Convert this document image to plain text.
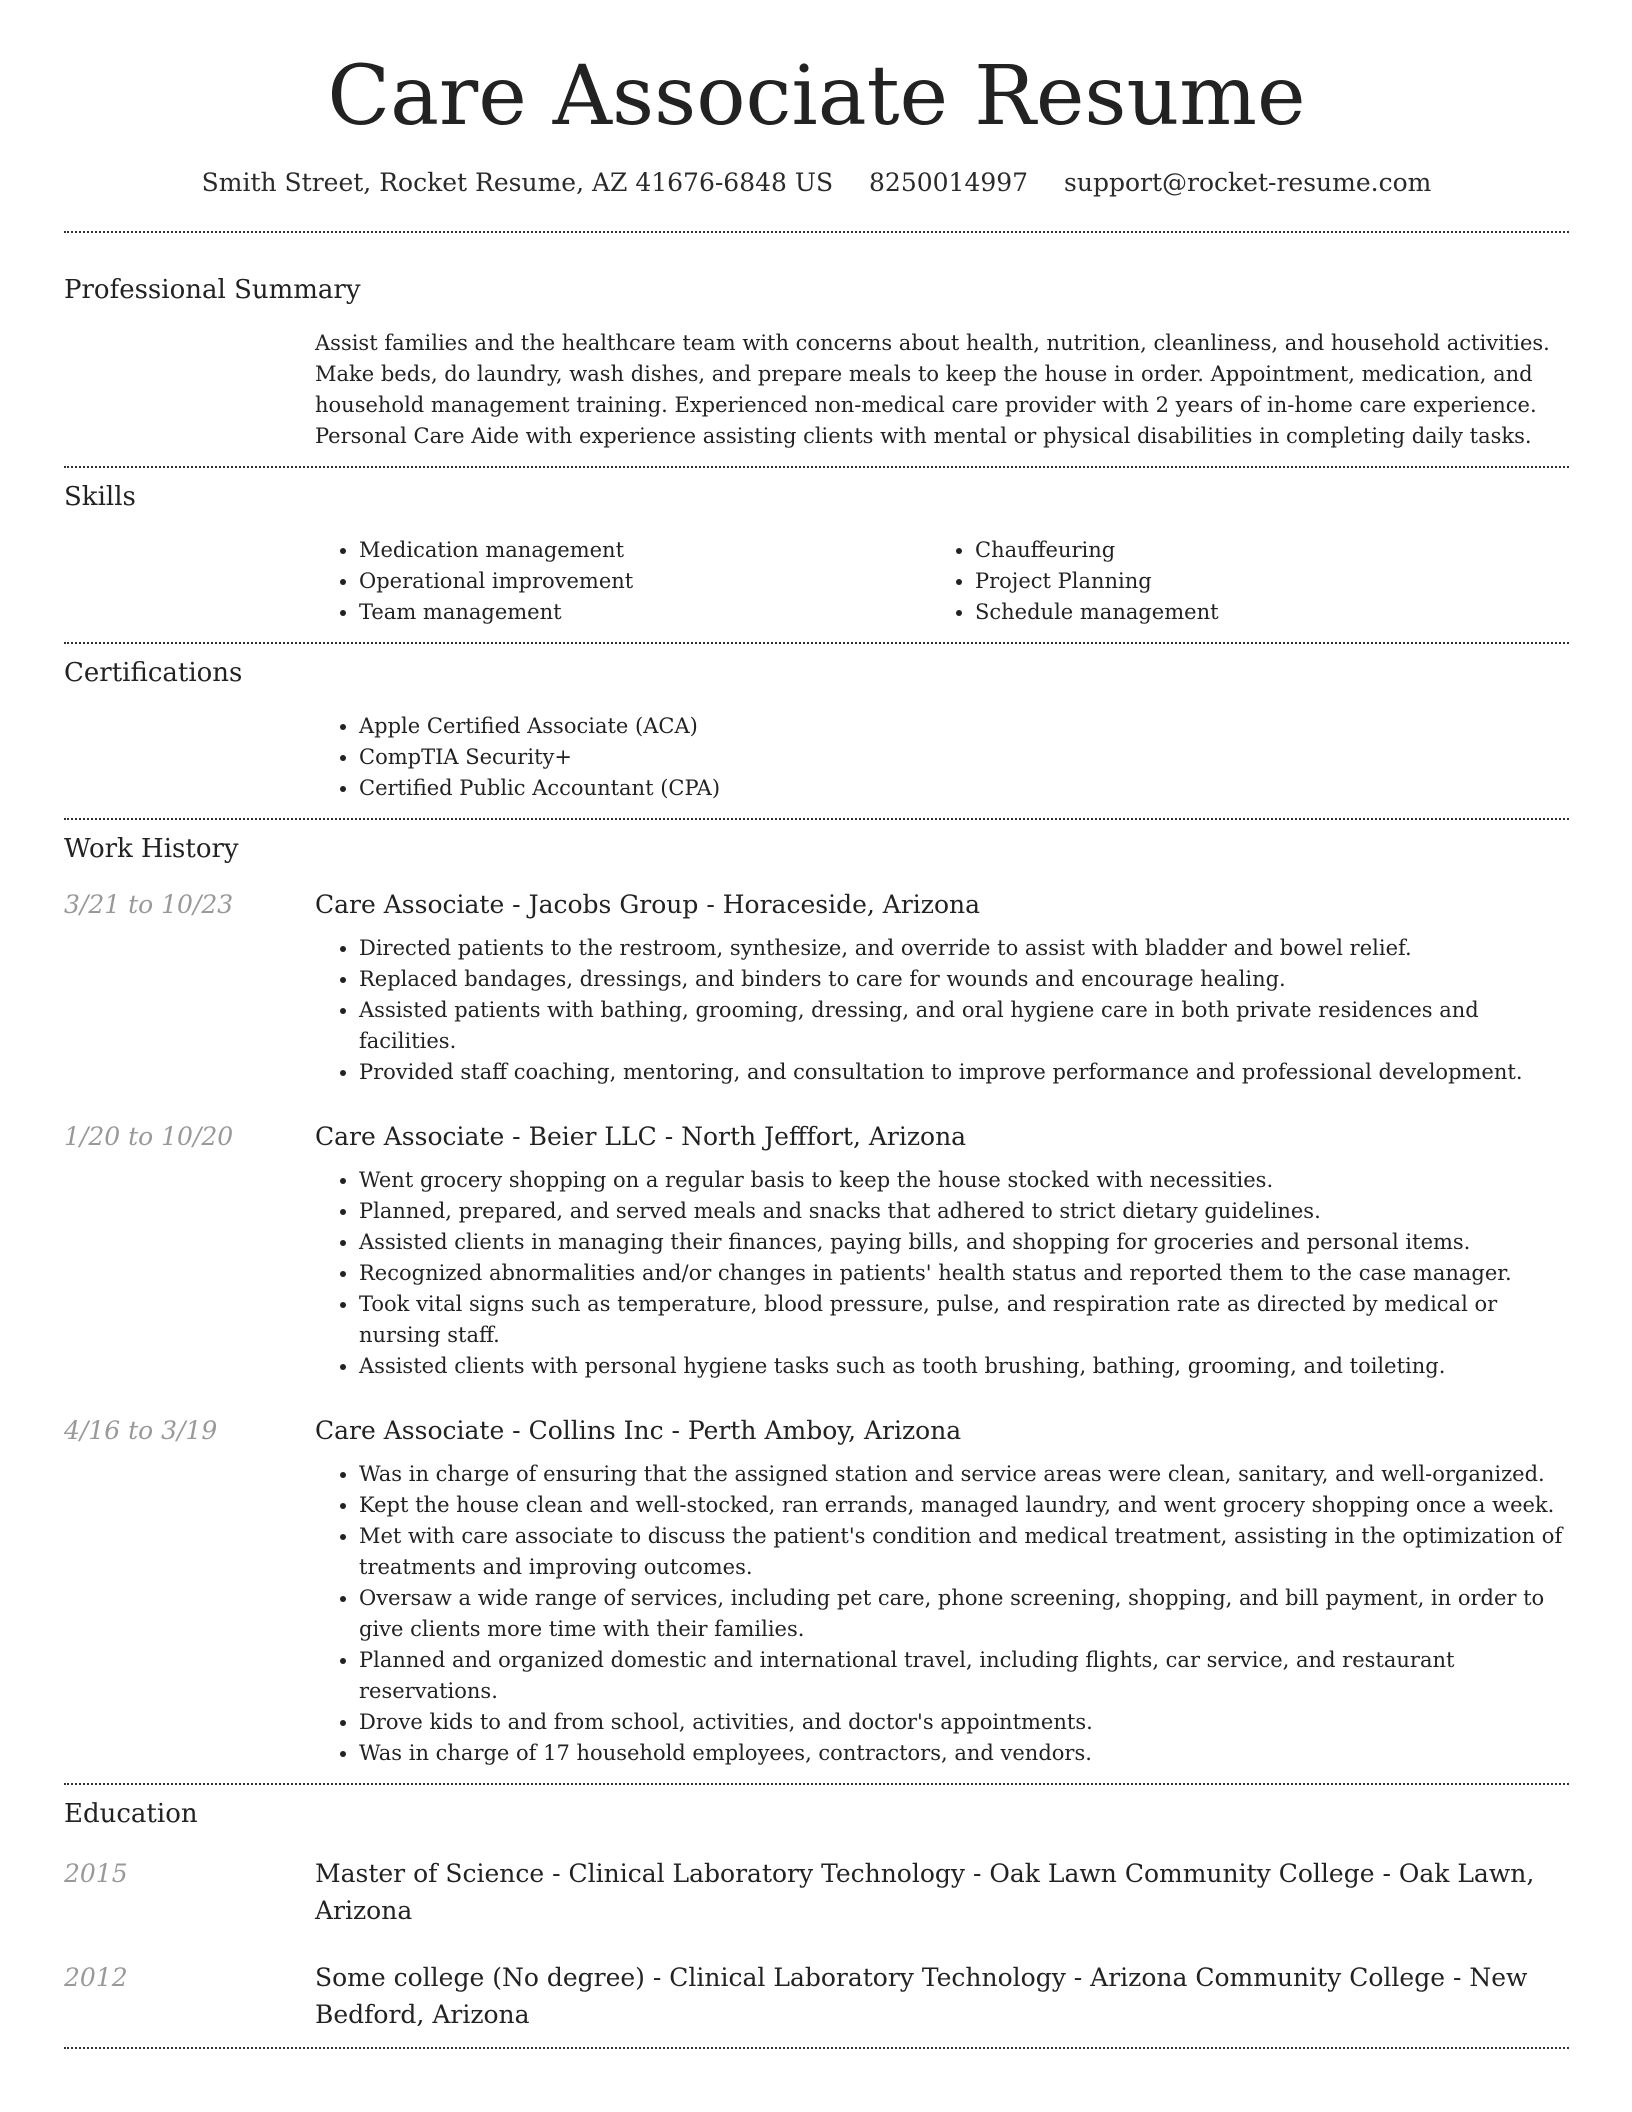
Care Associate Resume
Smith Street, Rocket Resume, AZ 41676-6848 US 8250014997 support@rocket-resume.com
Professional Summary

Assist families and the healthcare team with concerns about health, nutrition, cleanliness, and household activities. Make beds, do laundry, wash dishes, and prepare meals to keep the house in order. Appointment, medication, and household management training. Experienced non-medical care provider with 2 years of in-home care experience. Personal Care Aide with experience assisting clients with mental or physical disabilities in completing daily tasks.

Skills
• Medication management
• Operational improvement
• Team management
• Chauffeuring
• Project Planning
• Schedule management
Certifications
• Apple Certified Associate (ACA)
• CompTIA Security+
• Certified Public Accountant (CPA)
Work History
3/21 to 10/23	Care Associate - Jacobs Group - Horaceside, Arizona
• Directed patients to the restroom, synthesize, and override to assist with bladder and bowel relief.
• Replaced bandages, dressings, and binders to care for wounds and encourage healing.
• Assisted patients with bathing, grooming, dressing, and oral hygiene care in both private residences and facilities.
• Provided staff coaching, mentoring, and consultation to improve performance and professional development.
1/20 to 10/20	Care Associate - Beier LLC - North Jefffort, Arizona
• Went grocery shopping on a regular basis to keep the house stocked with necessities.
• Planned, prepared, and served meals and snacks that adhered to strict dietary guidelines.
• Assisted clients in managing their finances, paying bills, and shopping for groceries and personal items.
• Recognized abnormalities and/or changes in patients' health status and reported them to the case manager.
• Took vital signs such as temperature, blood pressure, pulse, and respiration rate as directed by medical or nursing staff.
• Assisted clients with personal hygiene tasks such as tooth brushing, bathing, grooming, and toileting.
4/16 to 3/19	Care Associate - Collins Inc - Perth Amboy, Arizona
• Was in charge of ensuring that the assigned station and service areas were clean, sanitary, and well-organized.
• Kept the house clean and well-stocked, ran errands, managed laundry, and went grocery shopping once a week.
• Met with care associate to discuss the patient's condition and medical treatment, assisting in the optimization of treatments and improving outcomes.
• Oversaw a wide range of services, including pet care, phone screening, shopping, and bill payment, in order to give clients more time with their families.
• Planned and organized domestic and international travel, including flights, car service, and restaurant reservations.
• Drove kids to and from school, activities, and doctor's appointments.
• Was in charge of 17 household employees, contractors, and vendors.
Education
2015	Master of Science - Clinical Laboratory Technology - Oak Lawn Community College - Oak Lawn, Arizona
2012	Some college (No degree) - Clinical Laboratory Technology - Arizona Community College - New Bedford, Arizona
